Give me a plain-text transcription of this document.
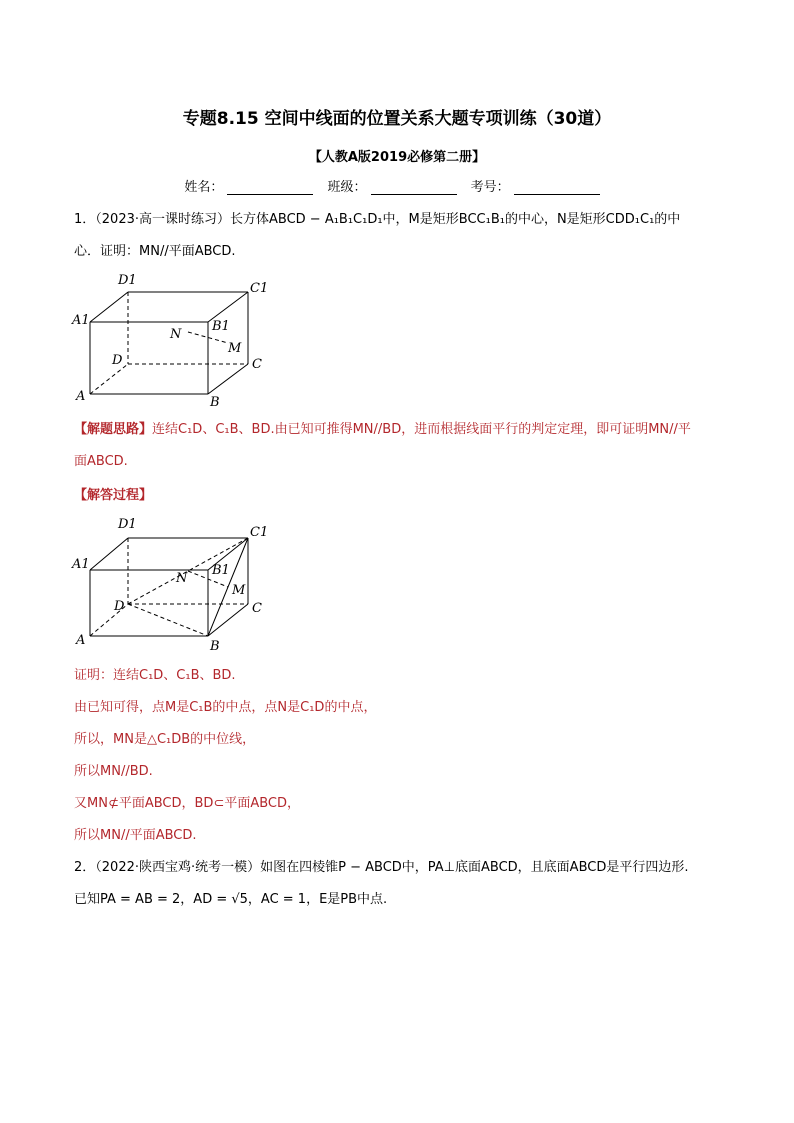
专题8.15 空间中线面的位置关系大题专项训练（30道）
【人教A版2019必修第二册】
姓名：	班级：	考号：
1．（2023·高一课时练习）长方体ABCD − A₁B₁C₁D₁中，M是矩形BCC₁B₁的中心，N是矩形CDD₁C₁的中
心．证明：MN//平面ABCD.
D1
C1
A1	B1
N
M
D	C
A	B
【解题思路】连结C₁D、C₁B、BD.由已知可推得MN//BD，进而根据线面平行的判定定理，即可证明MN//平
面ABCD.
【解答过程】
D1
C1
A1	B1
N
M
D	C
A	B
证明：连结C₁D、C₁B、BD.
由已知可得，点M是C₁B的中点，点N是C₁D的中点，
所以，MN是△C₁DB的中位线，
所以MN//BD.
又MN⊄平面ABCD，BD⊂平面ABCD，
所以MN//平面ABCD.
2．（2022·陕西宝鸡·统考一模）如图在四棱锥P − ABCD中，PA⊥底面ABCD，且底面ABCD是平行四边形.
已知PA = AB = 2，AD = √5，AC = 1，E是PB中点.
